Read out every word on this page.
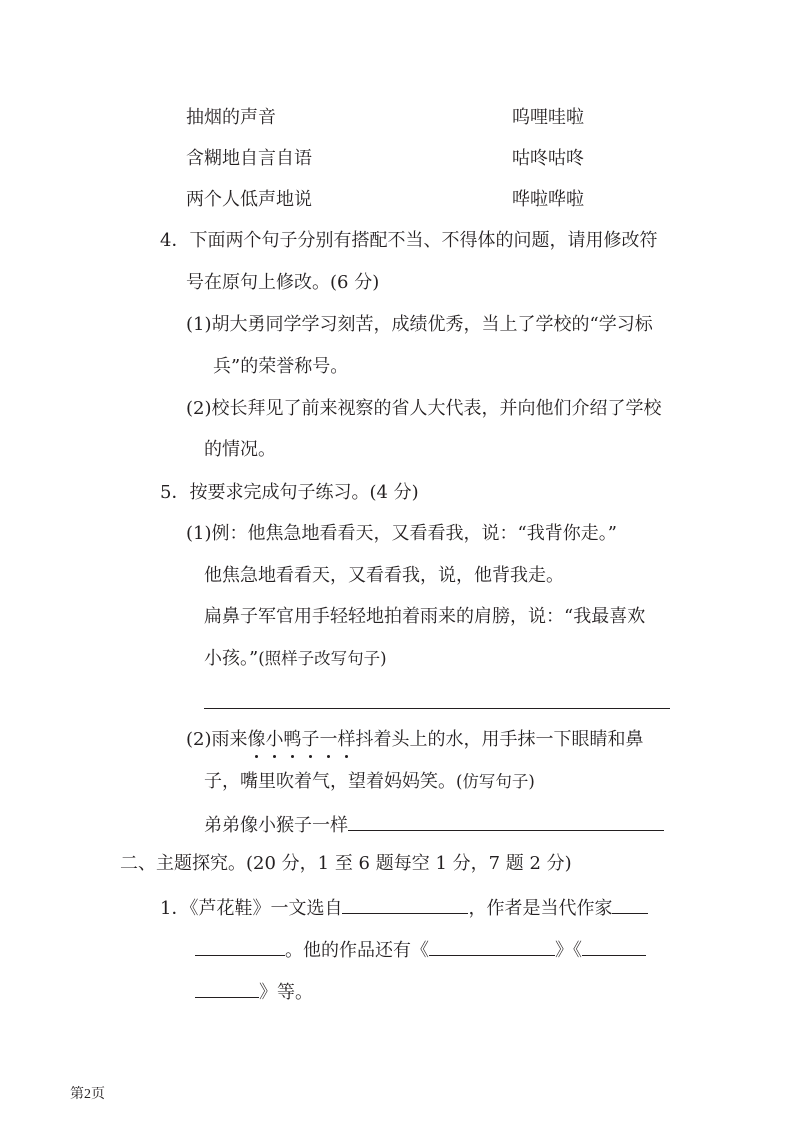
抽烟的声音	呜哩哇啦
含糊地自言自语	咕咚咕咚
两个人低声地说	哗啦哗啦
4．下面两个句子分别有搭配不当、不得体的问题，请用修改符
号在原句上修改。(6 分)
(1)胡大勇同学学习刻苦，成绩优秀，当上了学校的“学习标
兵”的荣誉称号。
(2)校长拜见了前来视察的省人大代表，并向他们介绍了学校
的情况。
5．按要求完成句子练习。(4 分)
(1)例：他焦急地看看天，又看看我，说：“我背你走。”
他焦急地看看天，又看看我，说，他背我走。
扁鼻子军官用手轻轻地拍着雨来的肩膀，说：“我最喜欢
小孩。”(照样子改写句子)
(2)雨来像小鸭子一样
抖着头上的水，用手抹一下眼睛和鼻
子，嘴里吹着气，望着妈妈笑。(仿写句子)
弟弟像小猴子一样
二、主题探究。(20 分，1 至 6 题每空 1 分，7 题 2 分)
1．《芦花鞋》一文选自	，作者是当代作家
。他的作品还有《	》《
》等。
第2页
